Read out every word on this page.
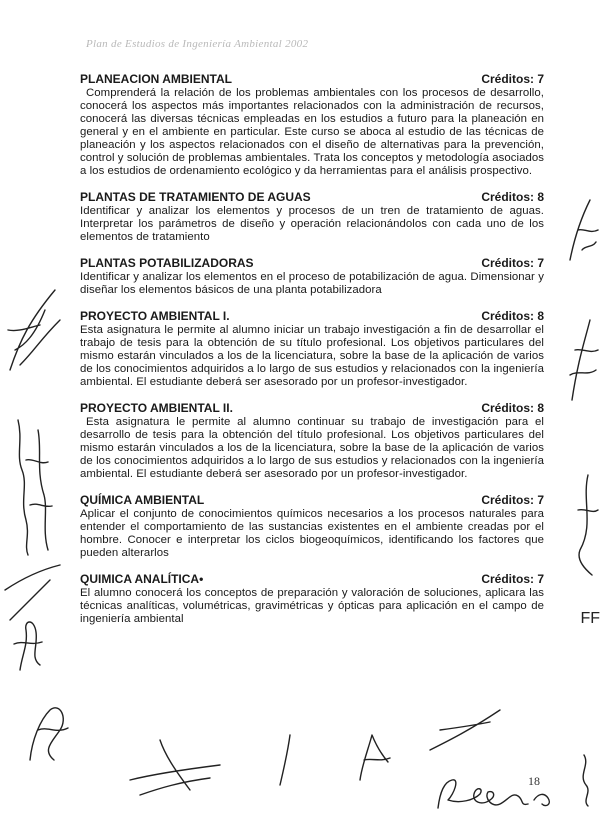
Plan de Estudios de Ingeniería Ambiental 2002
PLANEACION AMBIENTAL	Créditos: 7
Comprenderá la relación de los problemas ambientales con los procesos de desarrollo, conocerá los aspectos más importantes relacionados con la administración de recursos, conocerá las diversas técnicas empleadas en los estudios a futuro para la planeación en general y en el ambiente en particular. Este curso se aboca al estudio de las técnicas de planeación y los aspectos relacionados con el diseño de alternativas para la prevención, control y solución de problemas ambientales. Trata los conceptos y metodología asociados a los estudios de ordenamiento ecológico y da herramientas para el análisis prospectivo.
PLANTAS DE TRATAMIENTO DE AGUAS	Créditos: 8
Identificar y analizar los elementos y procesos de un tren de tratamiento de aguas. Interpretar los parámetros de diseño y operación relacionándolos con cada uno de los elementos de tratamiento
PLANTAS POTABILIZADORAS	Créditos: 7
Identificar y analizar los elementos en el proceso de potabilización de agua. Dimensionar y diseñar los elementos básicos de una planta potabilizadora
PROYECTO AMBIENTAL I.	Créditos: 8
Esta asignatura le permite al alumno iniciar un trabajo investigación a fin de desarrollar el trabajo de tesis para la obtención de su título profesional. Los objetivos particulares del mismo estarán vinculados a los de la licenciatura, sobre la base de la aplicación de varios de los conocimientos adquiridos a lo largo de sus estudios y relacionados con la ingeniería ambiental. El estudiante deberá ser asesorado por un profesor-investigador.
PROYECTO AMBIENTAL II.	Créditos: 8
Esta asignatura le permite al alumno continuar su trabajo de investigación para el desarrollo de tesis para la obtención del título profesional. Los objetivos particulares del mismo estarán vinculados a los de la licenciatura, sobre la base de la aplicación de varios de los conocimientos adquiridos a lo largo de sus estudios y relacionados con la ingeniería ambiental. El estudiante deberá ser asesorado por un profesor-investigador.
QUÍMICA AMBIENTAL	Créditos: 7
Aplicar el conjunto de conocimientos químicos necesarios a los procesos naturales para entender el comportamiento de las sustancias existentes en el ambiente creadas por el hombre. Conocer e interpretar los ciclos biogeoquímicos, identificando los factores que pueden alterarlos
QUIMICA ANALÍTICA•	Créditos: 7
El alumno conocerá los conceptos de preparación y valoración de soluciones, aplicara las técnicas analíticas, volumétricas, gravimétricas y ópticas para aplicación en el campo de ingeniería ambiental	FF
18
